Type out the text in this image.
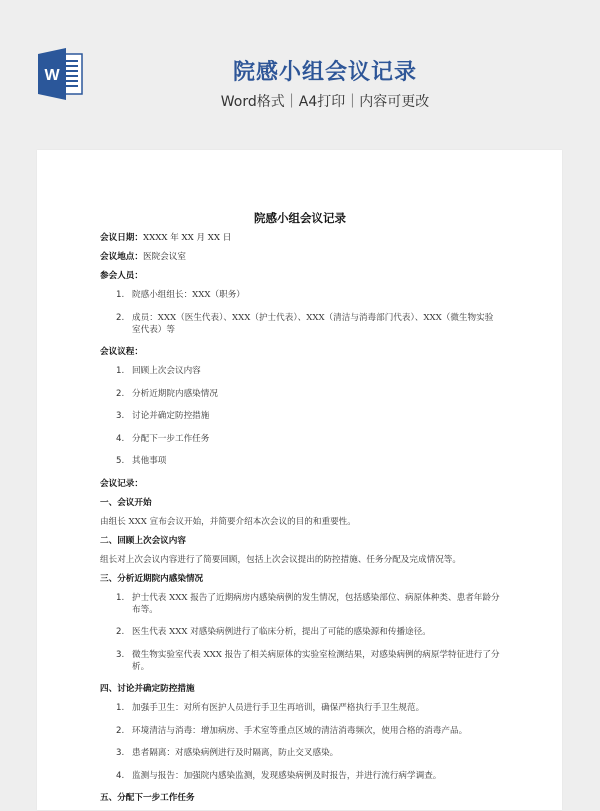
W	院感小组会议记录
Word格式｜A4打印｜内容可更改
院感小组会议记录
会议日期：XXXX 年 XX 月 XX 日
会议地点：医院会议室
参会人员：
1. 院感小组组长：XXX（职务）
2. 成员：XXX（医生代表）、XXX（护士代表）、XXX（清洁与消毒部门代表）、XXX（微生物实验室代表）等
会议议程：
1. 回顾上次会议内容
2. 分析近期院内感染情况
3. 讨论并确定防控措施
4. 分配下一步工作任务
5. 其他事项
会议记录：
一、会议开始
由组长 XXX 宣布会议开始，并简要介绍本次会议的目的和重要性。
二、回顾上次会议内容
组长对上次会议内容进行了简要回顾，包括上次会议提出的防控措施、任务分配及完成情况等。
三、分析近期院内感染情况
1. 护士代表 XXX 报告了近期病房内感染病例的发生情况，包括感染部位、病原体种类、患者年龄分布等。
2. 医生代表 XXX 对感染病例进行了临床分析，提出了可能的感染源和传播途径。
3. 微生物实验室代表 XXX 报告了相关病原体的实验室检测结果，对感染病例的病原学特征进行了分析。
四、讨论并确定防控措施
1. 加强手卫生：对所有医护人员进行手卫生再培训，确保严格执行手卫生规范。
2. 环境清洁与消毒：增加病房、手术室等重点区域的清洁消毒频次，使用合格的消毒产品。
3. 患者隔离：对感染病例进行及时隔离，防止交叉感染。
4. 监测与报告：加强院内感染监测，发现感染病例及时报告，并进行流行病学调查。
五、分配下一步工作任务
